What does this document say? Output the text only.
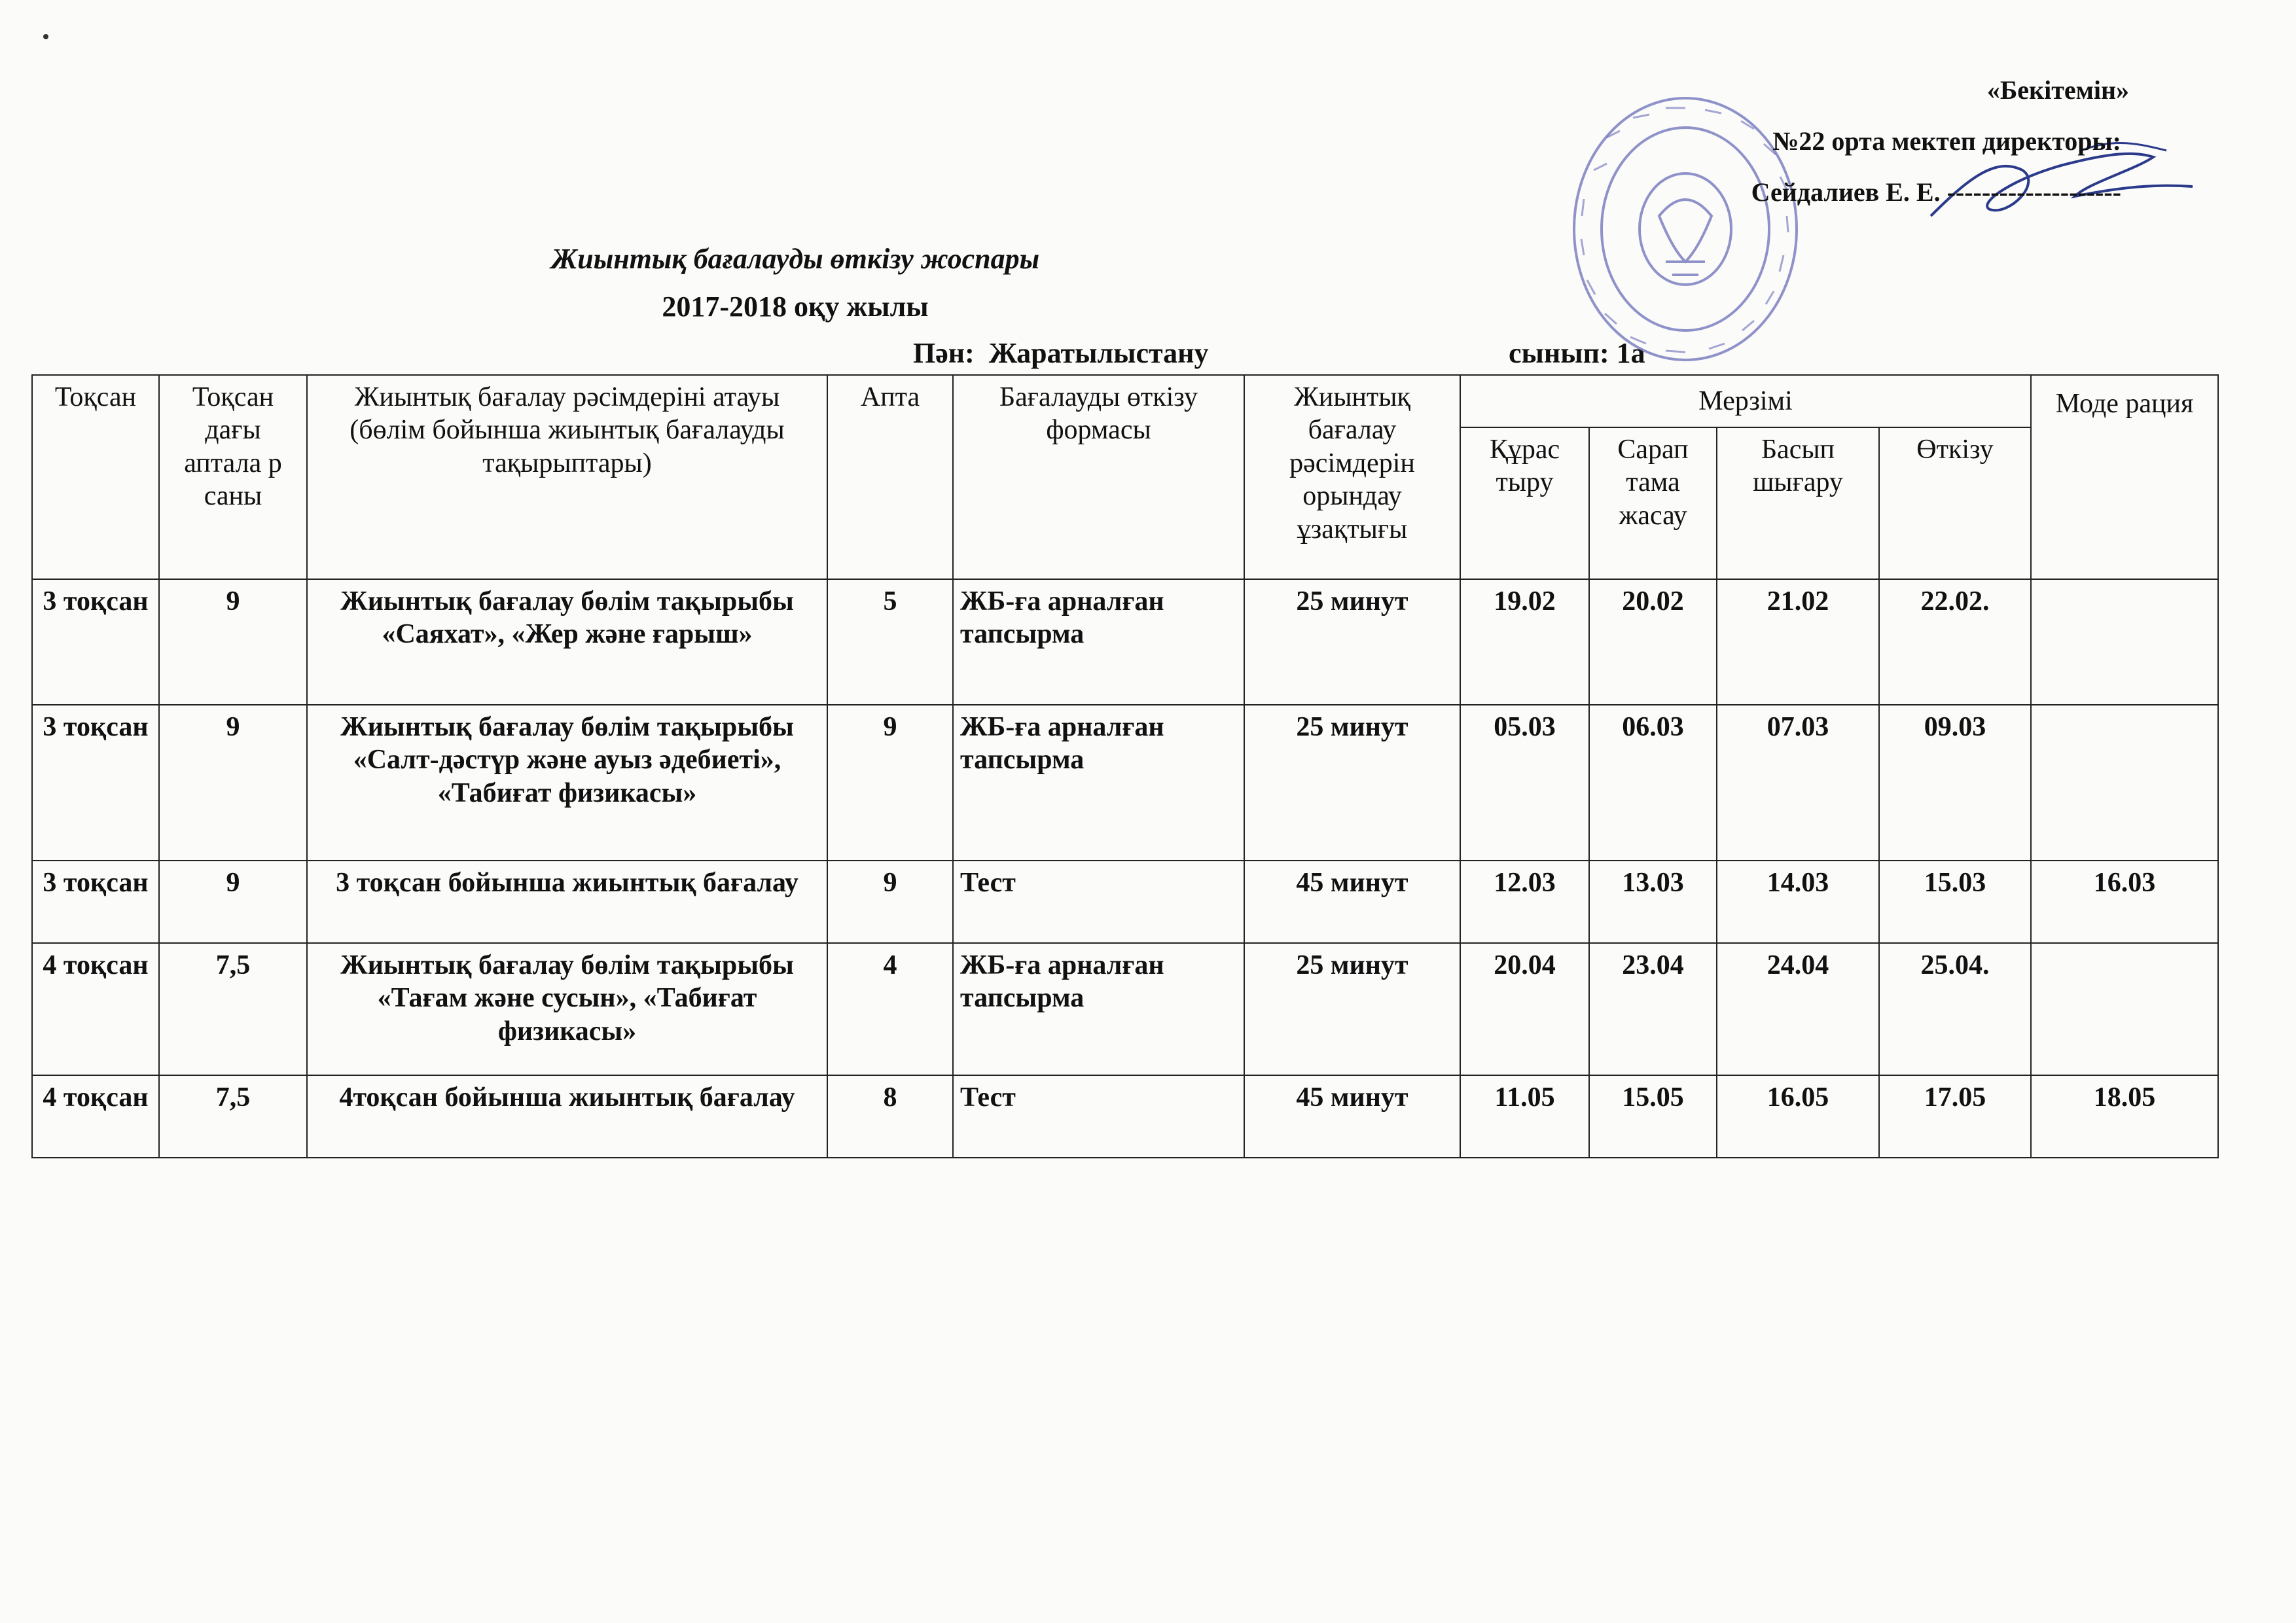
«Бекітемін»
№22 орта мектеп директоры:
Сейдалиев Е. Е. --------------------
Жиынтық бағалауды өткізу жоспары
2017-2018 оқу жылы
Пән:  Жаратылыстану	сынып: 1а
Тоқсан	Тоқсан дағы аптала р саны	Жиынтық бағалау рәсімдеріні атауы (бөлім бойынша жиынтық бағалауды тақырыптары)	Апта	Бағалауды өткізу формасы	Жиынтық бағалау рәсімдерін орындау ұзақтығы	Мерзімі				Моде рация
						Құрас тыру	Сарап тама жасау	Басып шығару	Өткізу	
3 тоқсан	9	Жиынтық бағалау бөлім тақырыбы «Саяхат», «Жер және ғарыш»	5	ЖБ-ға арналған тапсырма	25 минут	19.02	20.02	21.02	22.02.	
3 тоқсан	9	Жиынтық бағалау бөлім тақырыбы «Салт-дәстүр және ауыз әдебиеті», «Табиғат физикасы»	9	ЖБ-ға арналған тапсырма	25 минут	05.03	06.03	07.03	09.03	
3 тоқсан	9	3 тоқсан бойынша жиынтық бағалау	9	Тест	45 минут	12.03	13.03	14.03	15.03	16.03
4 тоқсан	7,5	Жиынтық бағалау бөлім тақырыбы «Тағам және сусын», «Табиғат физикасы»	4	ЖБ-ға арналған тапсырма	25 минут	20.04	23.04	24.04	25.04.	
4 тоқсан	7,5	4тоқсан бойынша жиынтық бағалау	8	Тест	45 минут	11.05	15.05	16.05	17.05	18.05
